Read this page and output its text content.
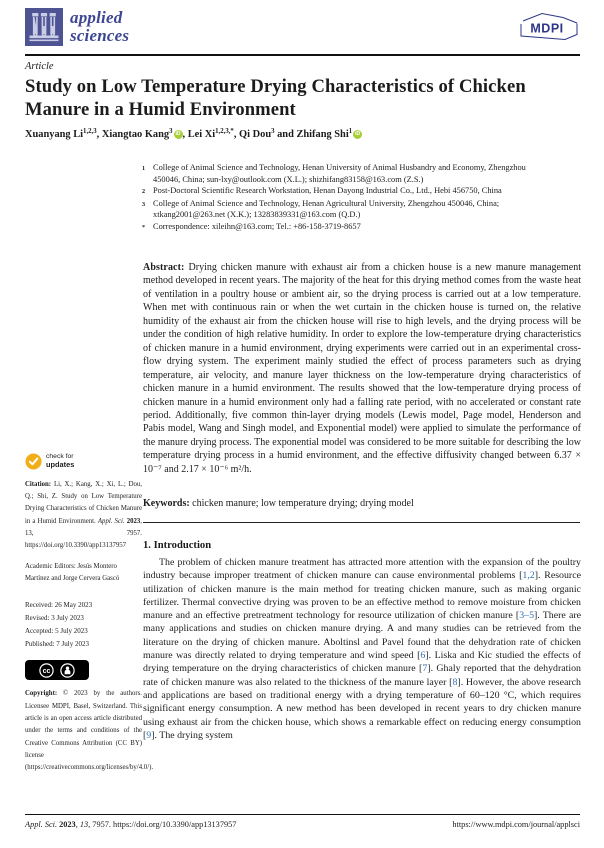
applied
sciences	MDPI
Article
Study on Low Temperature Drying Characteristics of Chicken
Manure in a Humid Environment
Xuanyang Li$^{1,2,3}$, Xiangtao Kang$^3$ iD , Lei $Xi^{1,2,3,*}$, Qi Dou$^3$ and Zhifang Shi$^1$ iD
1 College of Animal Science and Technology, Henan University of Animal Husbandry and Economy, Zhengzhou 450046, China; sun-lxy@outlook.com (X.L.); shizhifang83158@163.com (Z.S.)
2 Post-Doctoral Scientific Research Workstation, Henan Dayong Industrial Co., Ltd., Hebi 456750, China
3 College of Animal Science and Technology, Henan Agricultural University, Zhengzhou 450046, China; xtkang2001@263.net (X.K.); 13283839331@163.com (Q.D.)
* Correspondence: xileihn@163.com; Tel.: +86-158-3719-8657
check for
updates
Citation: Li, X.; Kang, X.; Xi, L.; Dou, Q.; Shi, Z. Study on Low Temperature Drying Characteristics of Chicken Manure in a Humid Environment. Appl. Sci. 2023, 13, 7957. https://doi.org/10.3390/app13137957
Academic Editors: Jesús Montero Martínez and Jorge Cervera Gascó
Received: 26 May 2023
Revised: 3 July 2023
Accepted: 5 July 2023
Published: 7 July 2023
cc
Copyright: © 2023 by the authors. Licensee MDPI, Basel, Switzerland. This article is an open access article distributed under the terms and conditions of the Creative Commons Attribution (CC BY) license (https://creativecommons.org/licenses/by/4.0/).
Abstract: Drying chicken manure with exhaust air from a chicken house is a new manure management method developed in recent years. The majority of the heat for this drying method comes from the waste heat of ventilation in a poultry house or ambient air, so the drying process is carried out at a low temperature. When met with continuous rain or when the wet curtain in the chicken house is turned on, the relative humidity of the exhaust air from the chicken house will rise to high levels, and the drying process will be under the condition of high relative humidity. In order to explore the low-temperature drying characteristics of chicken manure in a humid environment, drying experiments were carried out in an experimental cross-flow drying system. The experiment mainly studied the effect of process parameters such as drying temperature, air velocity, and manure layer thickness on the low-temperature drying characteristics of chicken manure in a humid environment. The results showed that the low-temperature drying process of chicken manure in a humid environment only had a falling rate period, with no accelerated or constant rate period. Additionally, five common thin-layer drying models (Lewis model, Page model, Henderson and Pabis model, Wang and Singh model, and Exponential model) were applied to simulate the performance of the manure drying process. The exponential model was considered to be more suitable for describing the low temperature drying process in a humid environment, and the effective diffusivity changed between 6.37 × 10⁻⁷ and 2.17 × 10⁻⁶ m²/h.
Keywords: chicken manure; low temperature drying; drying model
1. Introduction

The problem of chicken manure treatment has attracted more attention with the expansion of the poultry industry because improper treatment of chicken manure can cause environmental problems [1,2]. Resource utilization of chicken manure is the main method for treating chicken manure, such as making organic fertilizer. Thermal convective drying was proven to be an effective method to remove moisture from chicken manure and an effective pretreatment technology for resource utilization of chicken manure [3–5]. There are many applications and studies on chicken manure drying. A and many studies can be retrieved from the literature on the drying of chicken manure. Aboltinsl and Pavel found that the dehydration rate of chicken manure was directly related to drying temperature and wind speed [6]. Liska and Kic studied the effects of drying temperature on the drying characteristics of chicken manure [7]. Ghaly reported that the dehydration rate of chicken manure was also related to the thickness of the manure layer [8]. However, the above research and applications are based on traditional energy with a drying temperature of 60–120 °C, which requires significant energy consumption. A new method has been developed in recent years to dry chicken manure using exhaust air from the chicken house, which shows a remarkable effect on reducing energy consumption [9]. The drying system

Appl. Sci. 2023, 13, 7957. https://doi.org/10.3390/app13137957	https://www.mdpi.com/journal/applsci
